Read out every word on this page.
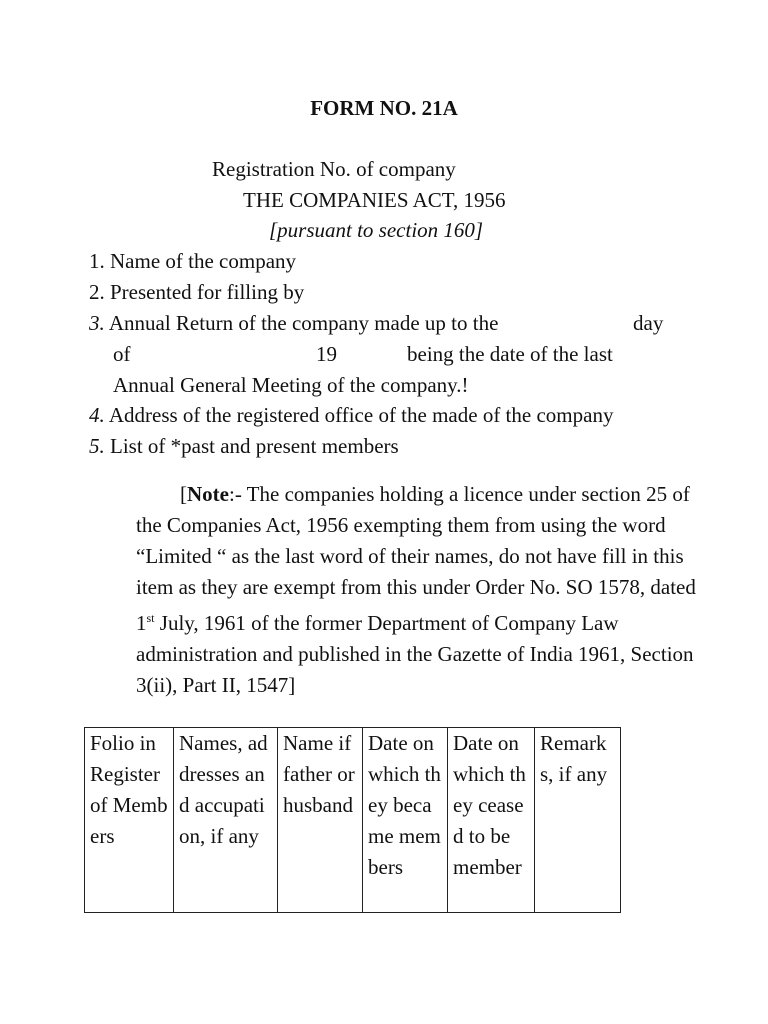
FORM NO. 21A
Registration No. of company
THE COMPANIES ACT, 1956
[pursuant to section 160]
1. Name of the company
2. Presented for filling by
3. Annual Return of the company made up to the	day
of	19	being the date of the last
Annual General Meeting of the company.!
4. Address of the registered office of the made of the company
5. List of *past and present members
[Note:- The companies holding a licence under section 25 of the Companies Act, 1956 exempting them from using the word “Limited “ as the last word of their names, do not have fill in this item as they are exempt from this under Order No. SO 1578, dated 1st July, 1961 of the former Department of Company Law administration and published in the Gazette of India 1961, Section 3(ii), Part II, 1547]
Folio in Register of Members	Names, addresses and accupation, if any	Name if father or husband	Date on which they became members	Date on which they ceased to be member	Remarks, if any
